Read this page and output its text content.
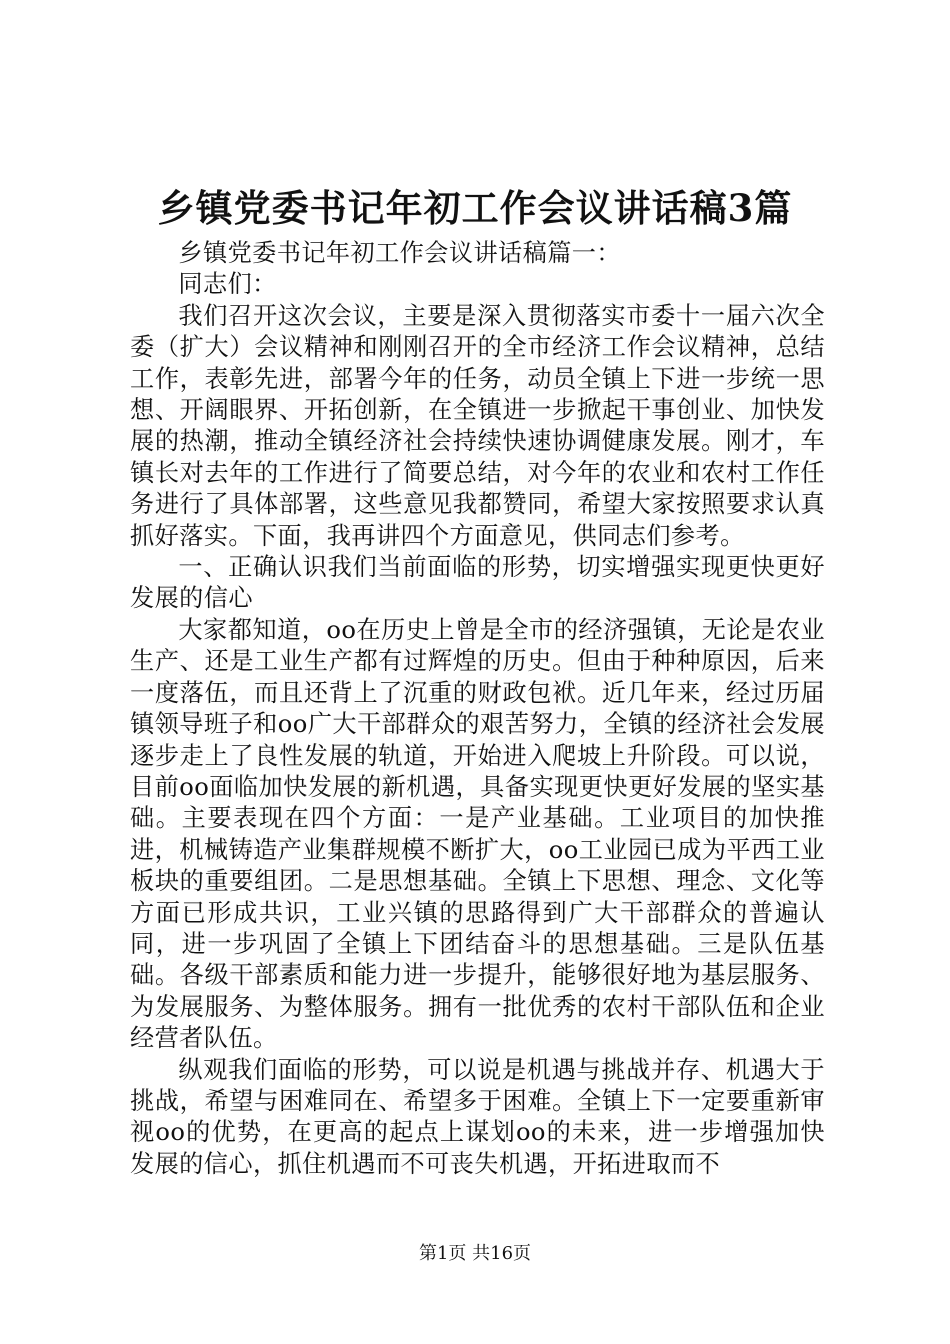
乡镇党委书记年初工作会议讲话稿3篇

乡镇党委书记年初工作会议讲话稿篇一：

同志们：

我们召开这次会议，主要是深入贯彻落实市委十一届六次全委（扩大）会议精神和刚刚召开的全市经济工作会议精神，总结工作，表彰先进，部署今年的任务，动员全镇上下进一步统一思想、开阔眼界、开拓创新，在全镇进一步掀起干事创业、加快发展的热潮，推动全镇经济社会持续快速协调健康发展。刚才，车镇长对去年的工作进行了简要总结，对今年的农业和农村工作任务进行了具体部署，这些意见我都赞同，希望大家按照要求认真抓好落实。下面，我再讲四个方面意见，供同志们参考。

一、正确认识我们当前面临的形势，切实增强实现更快更好发展的信心

大家都知道，oo在历史上曾是全市的经济强镇，无论是农业生产、还是工业生产都有过辉煌的历史。但由于种种原因，后来一度落伍，而且还背上了沉重的财政包袱。近几年来，经过历届镇领导班子和oo广大干部群众的艰苦努力，全镇的经济社会发展逐步走上了良性发展的轨道，开始进入爬坡上升阶段。可以说，目前oo面临加快发展的新机遇，具备实现更快更好发展的坚实基础。主要表现在四个方面：一是产业基础。工业项目的加快推进，机械铸造产业集群规模不断扩大，oo工业园已成为平西工业板块的重要组团。二是思想基础。全镇上下思想、理念、文化等方面已形成共识，工业兴镇的思路得到广大干部群众的普遍认同，进一步巩固了全镇上下团结奋斗的思想基础。三是队伍基础。各级干部素质和能力进一步提升，能够很好地为基层服务、为发展服务、为整体服务。拥有一批优秀的农村干部队伍和企业经营者队伍。

纵观我们面临的形势，可以说是机遇与挑战并存、机遇大于挑战，希望与困难同在、希望多于困难。全镇上下一定要重新审视oo的优势，在更高的起点上谋划oo的未来，进一步增强加快发展的信心，抓住机遇而不可丧失机遇，开拓进取而不

第1页 共16页
